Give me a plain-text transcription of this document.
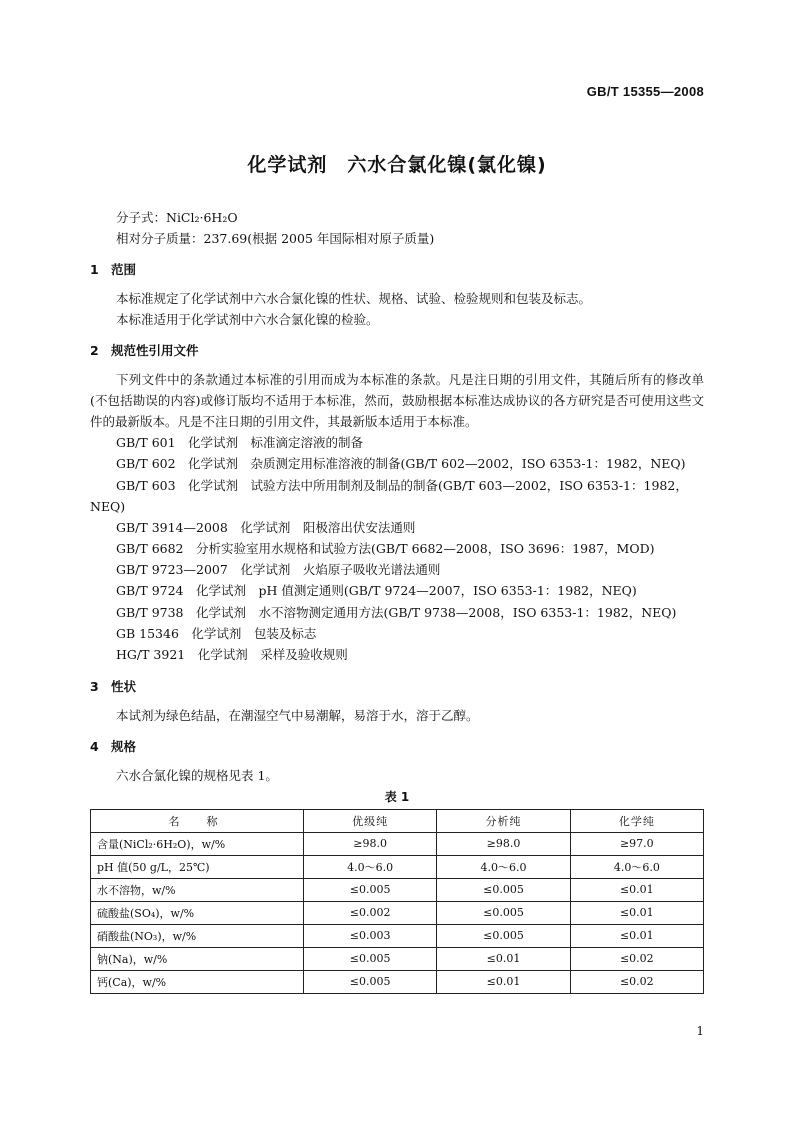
GB/T 15355—2008
化学试剂　六水合氯化镍(氯化镍)

分子式：NiCl₂·6H₂O

相对分子质量：237.69(根据 2005 年国际相对原子质量)

1 范围

本标准规定了化学试剂中六水合氯化镍的性状、规格、试验、检验规则和包装及标志。

本标准适用于化学试剂中六水合氯化镍的检验。

2 规范性引用文件

下列文件中的条款通过本标准的引用而成为本标准的条款。凡是注日期的引用文件，其随后所有的修改单(不包括勘误的内容)或修订版均不适用于本标准，然而，鼓励根据本标准达成协议的各方研究是否可使用这些文件的最新版本。凡是不注日期的引用文件，其最新版本适用于本标准。

GB/T 601　化学试剂　标准滴定溶液的制备

GB/T 602　化学试剂　杂质测定用标准溶液的制备(GB/T 602—2002，ISO 6353-1：1982，NEQ)

GB/T 603　化学试剂　试验方法中所用制剂及制品的制备(GB/T 603—2002，ISO 6353-1：1982，NEQ)

GB/T 3914—2008　化学试剂　阳极溶出伏安法通则

GB/T 6682　分析实验室用水规格和试验方法(GB/T 6682—2008，ISO 3696：1987，MOD)

GB/T 9723—2007　化学试剂　火焰原子吸收光谱法通则

GB/T 9724　化学试剂　pH 值测定通则(GB/T 9724—2007，ISO 6353-1：1982，NEQ)

GB/T 9738　化学试剂　水不溶物测定通用方法(GB/T 9738—2008，ISO 6353-1：1982，NEQ)

GB 15346　化学试剂　包装及标志

HG/T 3921　化学试剂　采样及验收规则

3 性状

本试剂为绿色结晶，在潮湿空气中易潮解，易溶于水，溶于乙醇。

4 规格

六水合氯化镍的规格见表 1。

表 1
名　称	优级纯	分析纯	化学纯
含量(NiCl₂·6H₂O)，w/%	≥98.0	≥98.0	≥97.0
pH 值(50 g/L，25℃)	4.0～6.0	4.0～6.0	4.0～6.0
水不溶物，w/%	≤0.005	≤0.005	≤0.01
硫酸盐(SO₄)，w/%	≤0.002	≤0.005	≤0.01
硝酸盐(NO₃)，w/%	≤0.003	≤0.005	≤0.01
钠(Na)，w/%	≤0.005	≤0.01	≤0.02
钙(Ca)，w/%	≤0.005	≤0.01	≤0.02
1
